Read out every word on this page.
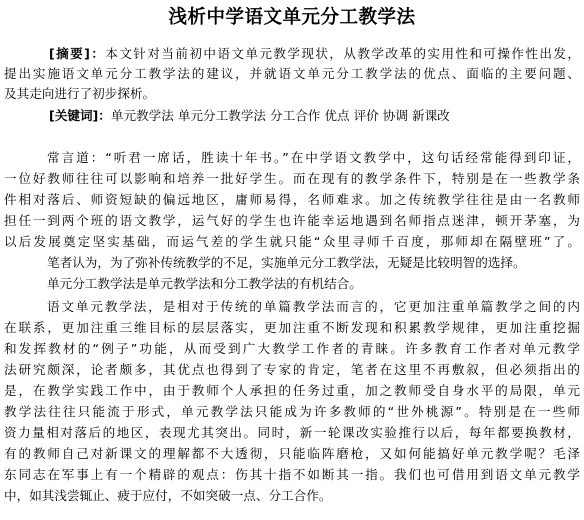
浅析中学语文单元分工教学法
[摘要]：本文针对当前初中语文单元教学现状，从教学改革的实用性和可操作性出发，
提出实施语文单元分工教学法的建议，并就语文单元分工教学法的优点、面临的主要问题、
及其走向进行了初步探析。
[关键词]：单元教学法 单元分工教学法 分工合作 优点 评价 协调 新课改
常言道：“听君一席话，胜读十年书。”在中学语文教学中，这句话经常能得到印证，
一位好教师往往可以影响和培养一批好学生。而在现有的教学条件下，特别是在一些教学条
件相对落后、师资短缺的偏远地区，庸师易得，名师难求。加之传统教学往往是由一名教师
担任一到两个班的语文教学，运气好的学生也许能幸运地遇到名师指点迷津，顿开茅塞，为
以后发展奠定坚实基础，而运气差的学生就只能“众里寻师千百度，那师却在隔壁班”了。
笔者认为，为了弥补传统教学的不足，实施单元分工教学法，无疑是比较明智的选择。
单元分工教学法是单元教学法和分工教学法的有机结合。
语文单元教学法，是相对于传统的单篇教学法而言的，它更加注重单篇教学之间的内
在联系，更加注重三维目标的层层落实，更加注重不断发现和积累教学规律，更加注重挖掘
和发挥教材的“例子”功能，从而受到广大教学工作者的青睐。许多教育工作者对单元教学
法研究颇深，论者颇多，其优点也得到了专家的肯定，笔者在这里不再敷叙，但必须指出的
是，在教学实践工作中，由于教师个人承担的任务过重，加之教师受自身水平的局限，单元
教学法往往只能流于形式，单元教学法只能成为许多教师的“世外桃源”。特别是在一些师
资力量相对落后的地区，表现尤其突出。同时，新一轮课改实验推行以后，每年都要换教材，
有的教师自己对新课文的理解都不大透彻，只能临阵磨枪，又如何能搞好单元教学呢？毛泽
东同志在军事上有一个精辟的观点：伤其十指不如断其一指。我们也可借用到语文单元教学
中，如其浅尝辄止、疲于应付，不如突破一点、分工合作。
